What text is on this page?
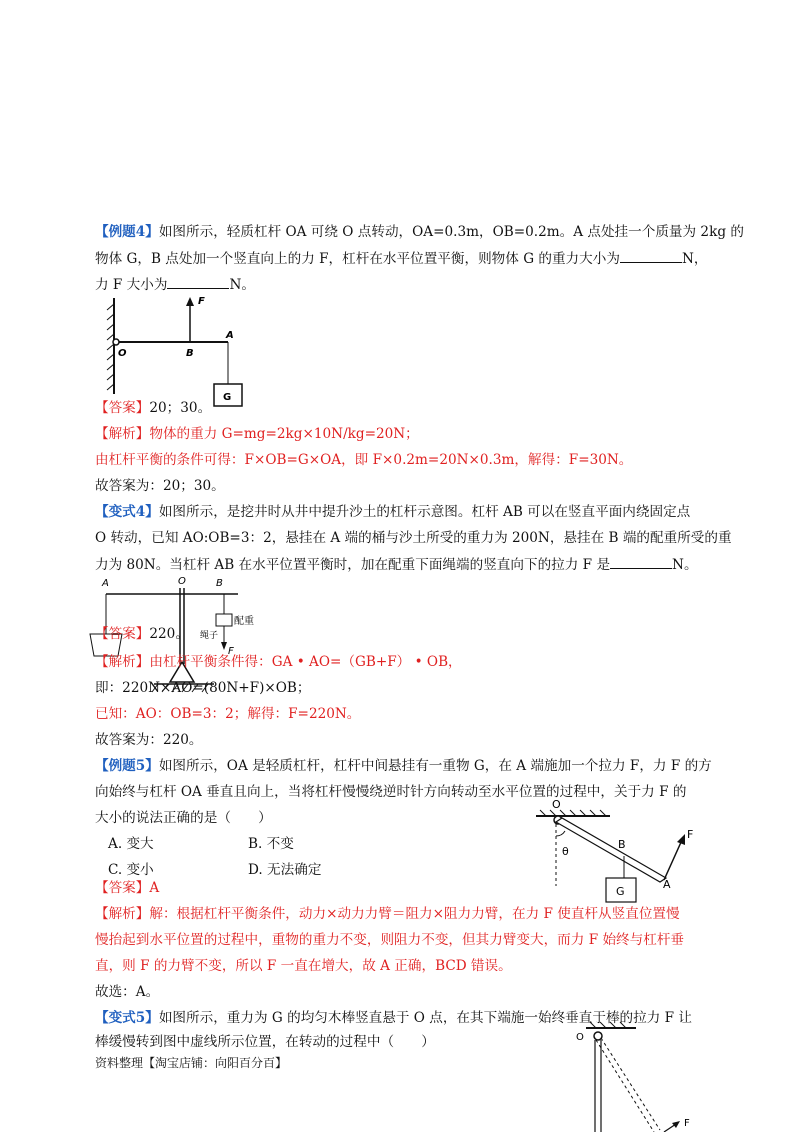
【例题4】如图所示，轻质杠杆 OA 可绕 O 点转动，OA=0.3m，OB=0.2m。A 点处挂一个质量为 2kg 的
物体 G，B 点处加一个竖直向上的力 F，杠杆在水平位置平衡，则物体 G 的重力大小为	N，
力 F 大小为	N。
F
A
O	B
G
【答案】20；30。
【解析】物体的重力 G=mg=2kg×10N/kg=20N；
由杠杆平衡的条件可得：F×OB=G×OA，即 F×0.2m=20N×0.3m，解得：F=30N。
故答案为：20；30。
【变式4】如图所示，是挖井时从井中提升沙土的杠杆示意图。杠杆 AB 可以在竖直平面内绕固定点
O 转动，已知 AO:OB=3：2，悬挂在 A 端的桶与沙土所受的重力为 200N，悬挂在 B 端的配重所受的重
力为 80N。当杠杆 AB 在水平位置平衡时，加在配重下面绳端的竖直向下的拉力 F 是	N。
A	O	B
配重
绳子
F
【答案】220。
【解析】由杠杆平衡条件得：GA • AO=（GB+F） • OB，
即：220N×AO=(80N+F)×OB；
已知：AO：OB=3：2；解得：F=220N。
故答案为：220。
【例题5】如图所示，OA 是轻质杠杆，杠杆中间悬挂有一重物 G，在 A 端施加一个拉力 F，力 F 的方
向始终与杠杆 OA 垂直且向上，当将杠杆慢慢绕逆时针方向转动至水平位置的过程中，关于力 F 的
大小的说法正确的是（　　）
A. 变大	B. 不变
C. 变小	D. 无法确定
O
B
F
A
G
θ
【答案】A
【解析】解：根据杠杆平衡条件，动力×动力力臂＝阻力×阻力力臂，在力 F 使直杆从竖直位置慢
慢抬起到水平位置的过程中，重物的重力不变，则阻力不变，但其力臂变大，而力 F 始终与杠杆垂
直，则 F 的力臂不变，所以 F 一直在增大，故 A 正确，BCD 错误。
故选：A。
【变式5】如图所示，重力为 G 的均匀木棒竖直悬于 O 点，在其下端施一始终垂直于棒的拉力 F 让
棒缓慢转到图中虚线所示位置，在转动的过程中（　　）	O
F
资料整理【淘宝店铺：向阳百分百】
